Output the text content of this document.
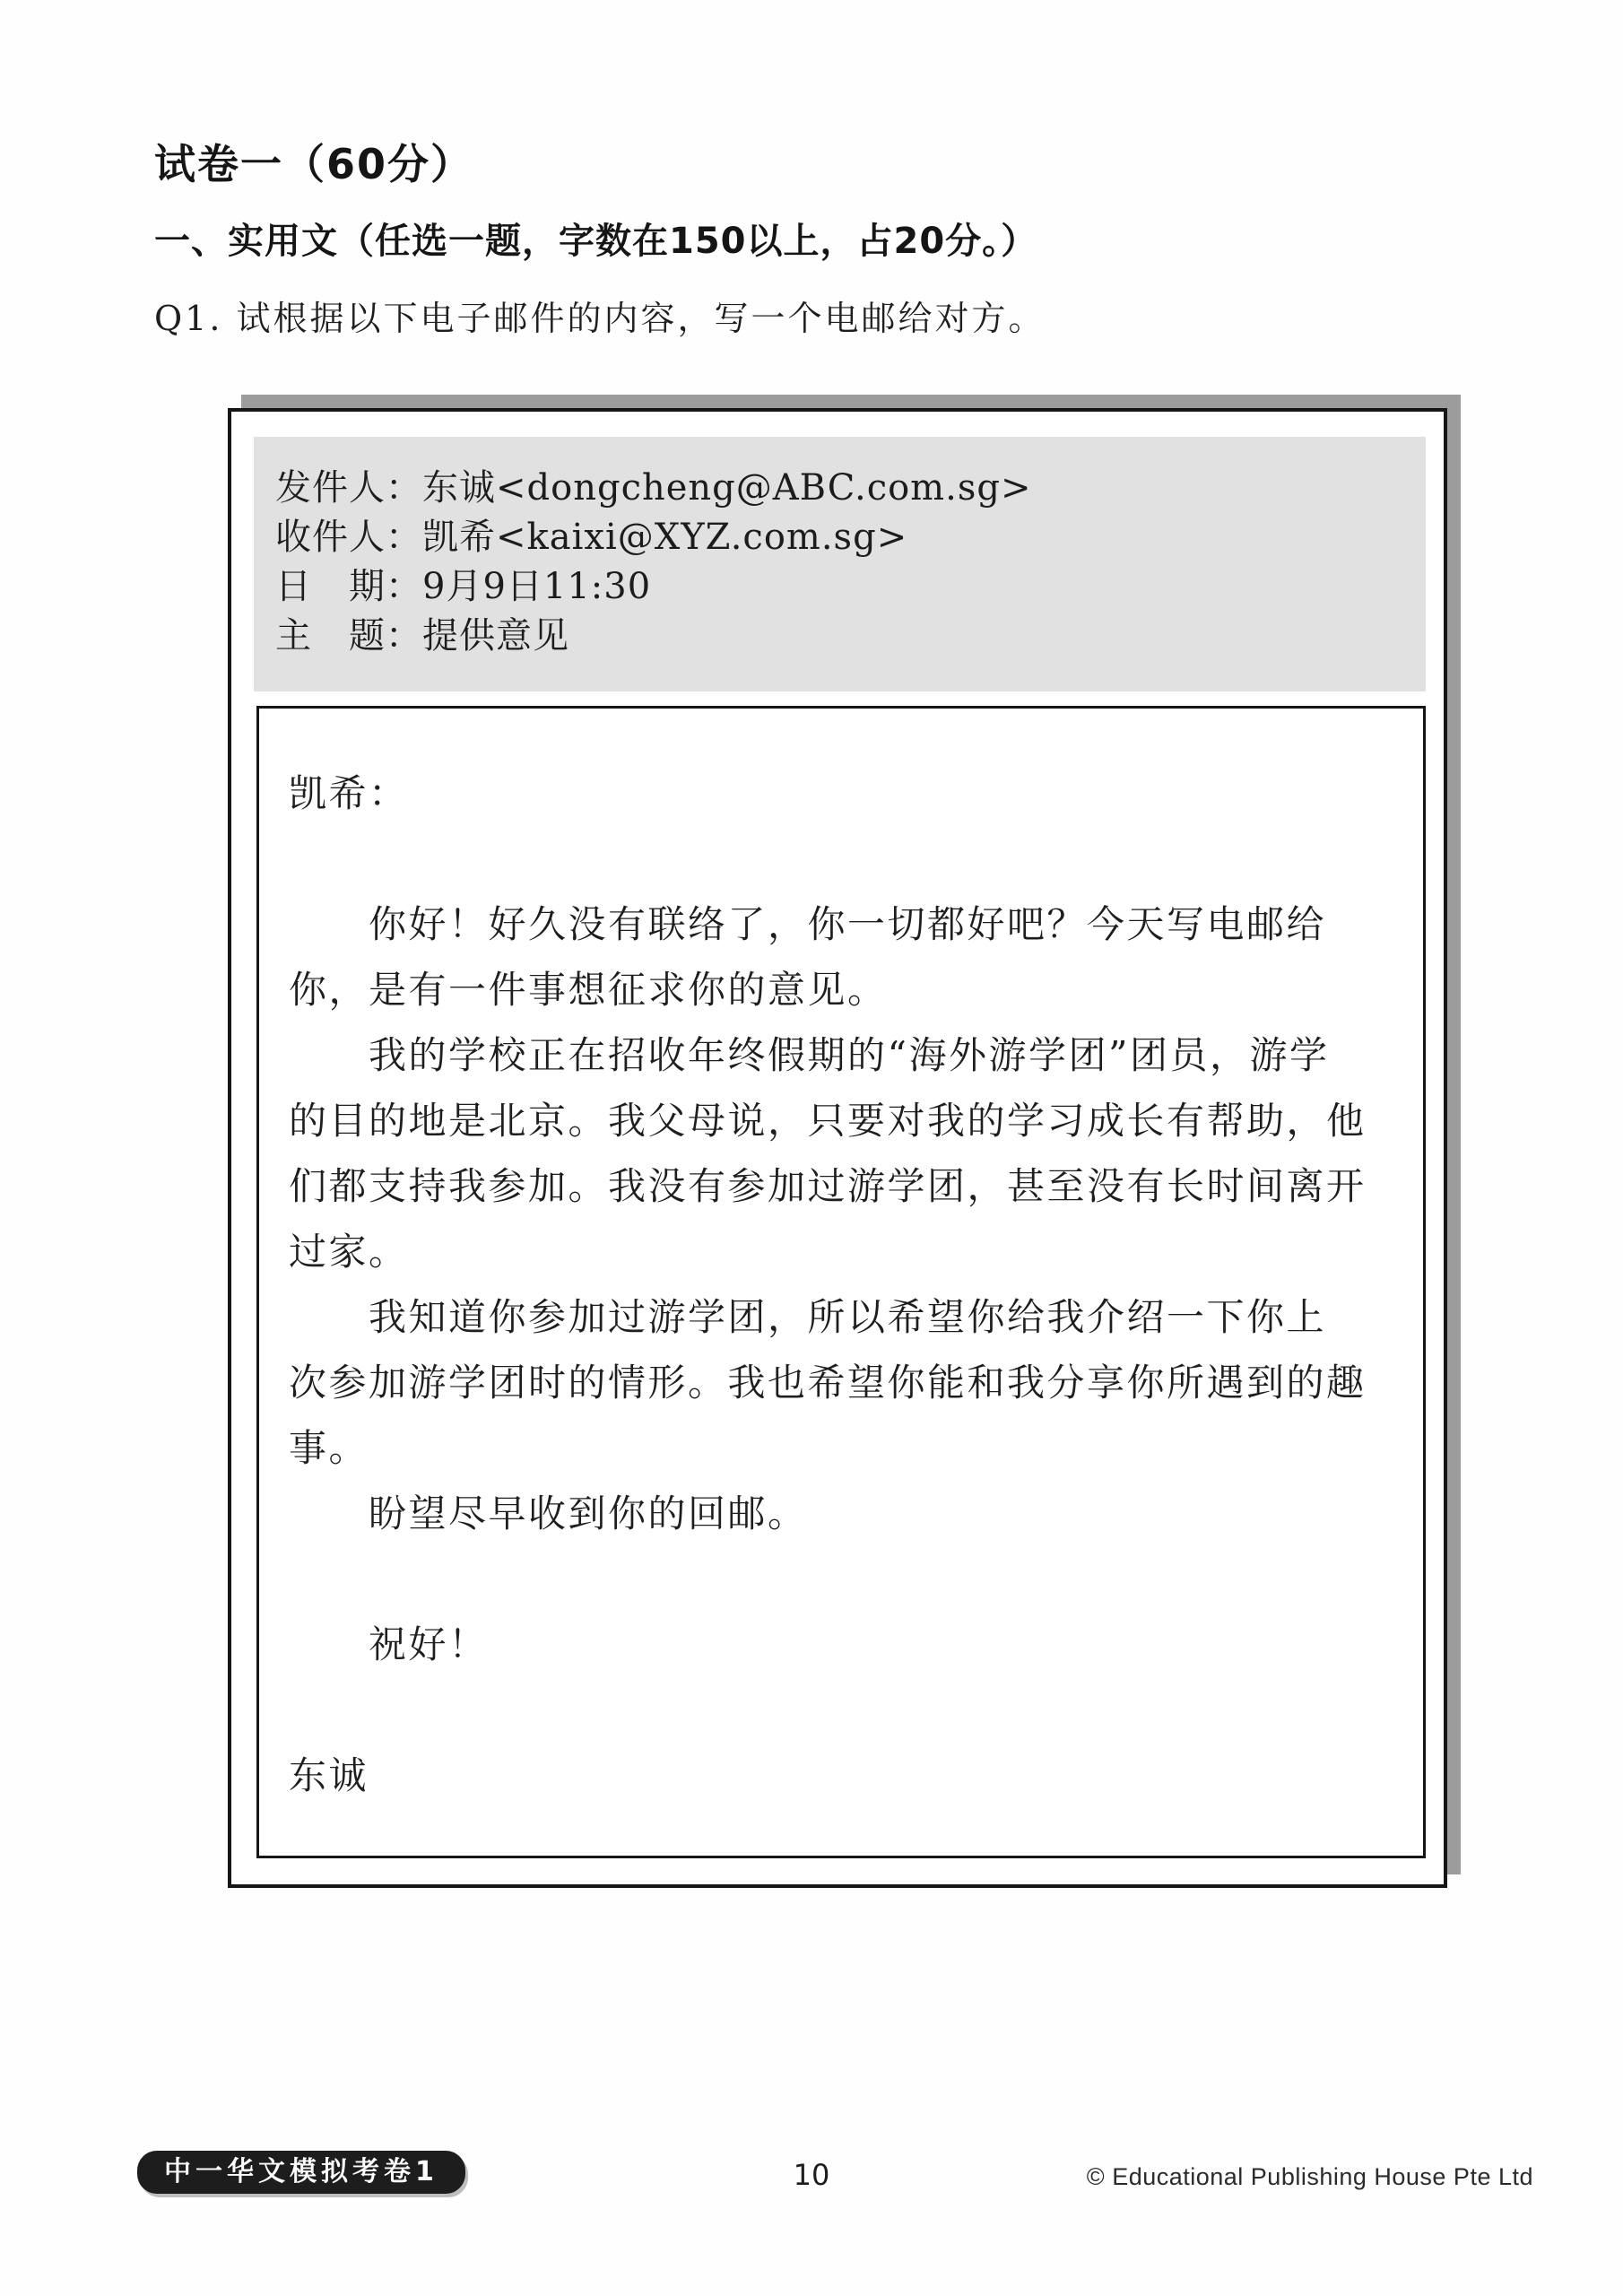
试卷一（60分）
一、实用文（任选一题，字数在150以上，占20分。）
Q1. 试根据以下电子邮件的内容，写一个电邮给对方。
发件人：东诚<dongcheng@ABC.com.sg>
收件人：凯希<kaixi@XYZ.com.sg>
日　期：9月9日11:30
主　题：提供意见
凯希：
　　你好！好久没有联络了，你一切都好吧？今天写电邮给
你，是有一件事想征求你的意见。
　　我的学校正在招收年终假期的“海外游学团”团员，游学
的目的地是北京。我父母说，只要对我的学习成长有帮助，他
们都支持我参加。我没有参加过游学团，甚至没有长时间离开
过家。
　　我知道你参加过游学团，所以希望你给我介绍一下你上
次参加游学团时的情形。我也希望你能和我分享你所遇到的趣
事。
　　盼望尽早收到你的回邮。
　　祝好！
东诚
中一华文模拟考卷1	10	© Educational Publishing House Pte Ltd
